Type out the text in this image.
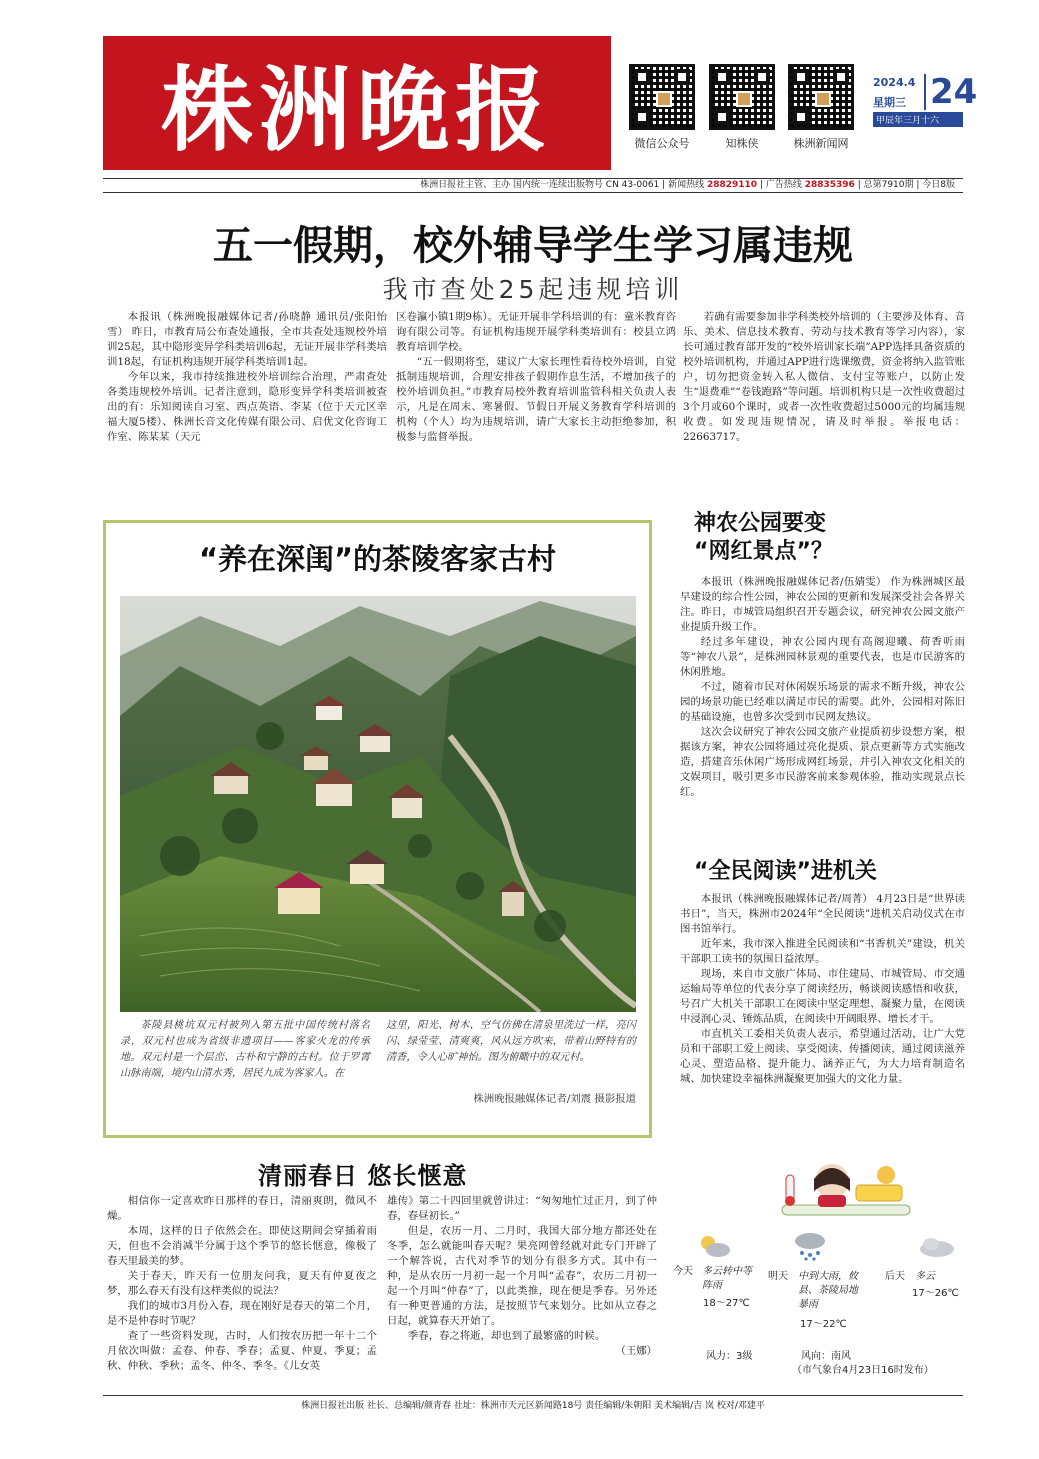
株洲晚报	微信公众号	知株侠	株洲新闻网
2024.4
星期三 24
甲辰年三月十六
株洲日报社主管、主办 国内统一连续出版物号 CN 43-0061 | 新闻热线 28829110 | 广告热线 28835396 | 总第7910期 | 今日8版
五一假期，校外辅导学生学习属违规
我市查处25起违规培训

本报讯（株洲晚报融媒体记者/孙晓静 通讯员/张阳怡雪） 昨日，市教育局公布查处通报，全市共查处违规校外培训25起，其中隐形变异学科类培训6起，无证开展非学科类培训18起，有证机构违规开展学科类培训1起。

今年以来，我市持续推进校外培训综合治理，严肃查处各类违规校外培训。记者注意到，隐形变异学科类培训被查出的有：乐知阅读自习室、西点英语、李某（位于天元区幸福大厦5楼）、株洲长音文化传媒有限公司、启优文化咨询工作室、陈某某（天元

区卷瀛小镇1期9栋）。无证开展非学科培训的有：童米教育咨询有限公司等。有证机构违规开展学科类培训有：校县立鸿教育培训学校。

“五一假期将至，建议广大家长理性看待校外培训，自觉抵制违规培训，合理安排孩子假期作息生活，不增加孩子的校外培训负担。”市教育局校外教育培训监管科相关负责人表示，凡是在周末、寒暑假、节假日开展义务教育学科培训的机构（个人）均为违规培训，请广大家长主动拒绝参加，积极参与监督举报。

若确有需要参加非学科类校外培训的（主要涉及体育、音乐、美术、信息技术教育、劳动与技术教育等学习内容），家长可通过教育部开发的“校外培训家长端”APP选择具备资质的校外培训机构，并通过APP进行选课缴费，资金将纳入监管账户，切勿把资金转入私人微信、支付宝等账户，以防止发生“退费难”“卷钱跑路”等问题。培训机构只是一次性收费超过3个月或60个课时，或者一次性收费超过5000元的均属违规收费。如发现违规情况，请及时举报。举报电话：22663717。

“养在深闺”的茶陵客家古村

茶陵县桃坑双元村被列入第五批中国传统村落名录，双元村也成为省级非遗项目——客家火龙的传承地。双元村是一个层峦、古朴和宁静的古村。位于罗霄山脉南端，境内山清水秀，居民九成为客家人。在

这里，阳光、树木、空气仿佛在清泉里洗过一样，亮闪闪、绿莹莹、清爽爽，风从远方吹来，带着山野特有的清香，令人心旷神怡。图为俯瞰中的双元村。

株洲晚报融媒体记者/刘震 摄影报道
神农公园要变
“网红景点”？

本报讯（株洲晚报融媒体记者/伍婧雯） 作为株洲城区最早建设的综合性公园，神农公园的更新和发展深受社会各界关注。昨日，市城管局组织召开专题会议，研究神农公园文旅产业提质升级工作。

经过多年建设，神农公园内现有高阁迎曦、荷香听雨等“神农八景”，是株洲园林景观的重要代表，也是市民游客的休闲胜地。

不过，随着市民对休闲娱乐场景的需求不断升级，神农公园的场景功能已经难以满足市民的需要。此外，公园相对陈旧的基础设施，也曾多次受到市民网友热议。

这次会议研究了神农公园文旅产业提质初步设想方案，根据该方案，神农公园将通过亮化提质、景点更新等方式实施改造，搭建音乐休闲广场形成网红场景，并引入神农文化相关的文娱项目，吸引更多市民游客前来参观体验，推动实现景点长红。

“全民阅读”进机关

本报讯（株洲晚报融媒体记者/周菁） 4月23日是“世界读书日”，当天，株洲市2024年“全民阅读”进机关启动仪式在市图书馆举行。

近年来，我市深入推进全民阅读和“书香机关”建设，机关干部职工读书的氛围日益浓厚。

现场，来自市文旅广体局、市住建局、市城管局、市交通运输局等单位的代表分享了阅读经历，畅谈阅读感悟和收获，号召广大机关干部职工在阅读中坚定理想、凝聚力量，在阅读中浸润心灵、锤炼品质，在阅读中开阔眼界、增长才干。

市直机关工委相关负责人表示，希望通过活动，让广大党员和干部职工爱上阅读、享受阅读、传播阅读，通过阅读滋养心灵、塑造品格、提升能力、涵养正气，为大力培育制造名城、加快建设幸福株洲凝聚更加强大的文化力量。

清丽春日 悠长惬意

相信你一定喜欢昨日那样的春日，清丽爽朗，微风不燥。

本周，这样的日子依然会在。即使这期间会穿插着雨天，但也不会消减半分属于这个季节的悠长惬意，像极了春天里最美的梦。

关于春天，昨天有一位朋友问我，夏天有仲夏夜之梦，那么春天有没有这样类似的说法？

我们的城市3月份入春，现在刚好是春天的第二个月，是不是仲春时节呢？

查了一些资料发现，古时，人们按农历把一年十二个月依次叫做：孟春、仲春、季春；孟夏、仲夏、季夏；孟秋、仲秋、季秋；孟冬、仲冬、季冬。《儿女英

雄传》第二十四回里就曾讲过：“匆匆地忙过正月，到了仲春，春昼初长。”

但是，农历一月、二月时，我国大部分地方都还处在冬季，怎么就能叫春天呢？果亮网曾经就对此专门开辟了一个解答说，古代对季节的划分有很多方式。其中有一种，是从农历一月初一起一个月叫“孟春”，农历二月初一起一个月叫“仲春”了，以此类推，现在便是季春。另外还有一种更普通的方法，是按照节气来划分。比如从立春之日起，就算春天开始了。

季春，春之将逝，却也到了最繁盛的时候。

（王娜）

今天 多云转中等阵雨
18～27℃
明天 中到大雨，攸县、茶陵局地暴雨
17～22℃
后天 多云
17～26℃
风力：3级	风向：南风
（市气象台4月23日16时发布）
株洲日报社出版 社长、总编辑/颜青春 社址：株洲市天元区新闻路18号 责任编辑/朱朝阳 美术编辑/吉 岚 校对/邓建平
